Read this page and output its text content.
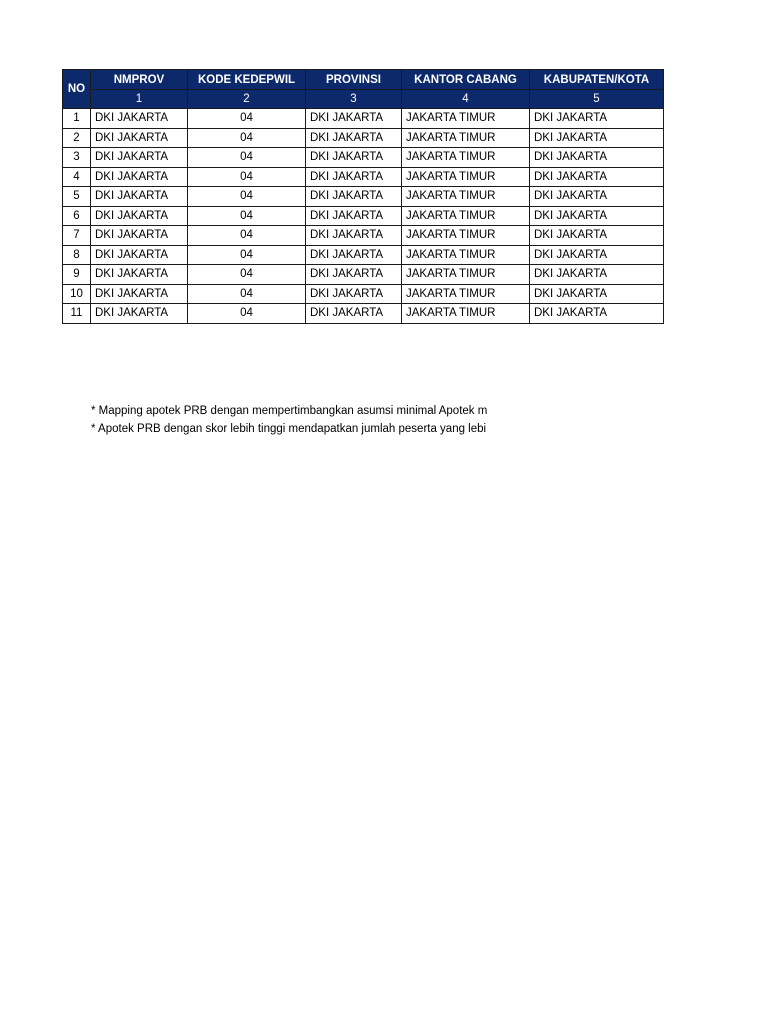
NO	NMPROV	KODE KEDEPWIL	PROVINSI	KANTOR CABANG	KABUPATEN/KOTA
	1	2	3	4	5
1	DKI JAKARTA	04	DKI JAKARTA	JAKARTA TIMUR	DKI JAKARTA
2	DKI JAKARTA	04	DKI JAKARTA	JAKARTA TIMUR	DKI JAKARTA
3	DKI JAKARTA	04	DKI JAKARTA	JAKARTA TIMUR	DKI JAKARTA
4	DKI JAKARTA	04	DKI JAKARTA	JAKARTA TIMUR	DKI JAKARTA
5	DKI JAKARTA	04	DKI JAKARTA	JAKARTA TIMUR	DKI JAKARTA
6	DKI JAKARTA	04	DKI JAKARTA	JAKARTA TIMUR	DKI JAKARTA
7	DKI JAKARTA	04	DKI JAKARTA	JAKARTA TIMUR	DKI JAKARTA
8	DKI JAKARTA	04	DKI JAKARTA	JAKARTA TIMUR	DKI JAKARTA
9	DKI JAKARTA	04	DKI JAKARTA	JAKARTA TIMUR	DKI JAKARTA
10	DKI JAKARTA	04	DKI JAKARTA	JAKARTA TIMUR	DKI JAKARTA
11	DKI JAKARTA	04	DKI JAKARTA	JAKARTA TIMUR	DKI JAKARTA
* Mapping apotek PRB dengan mempertimbangkan asumsi minimal Apotek m
* Apotek PRB dengan skor lebih tinggi mendapatkan jumlah peserta yang lebi
